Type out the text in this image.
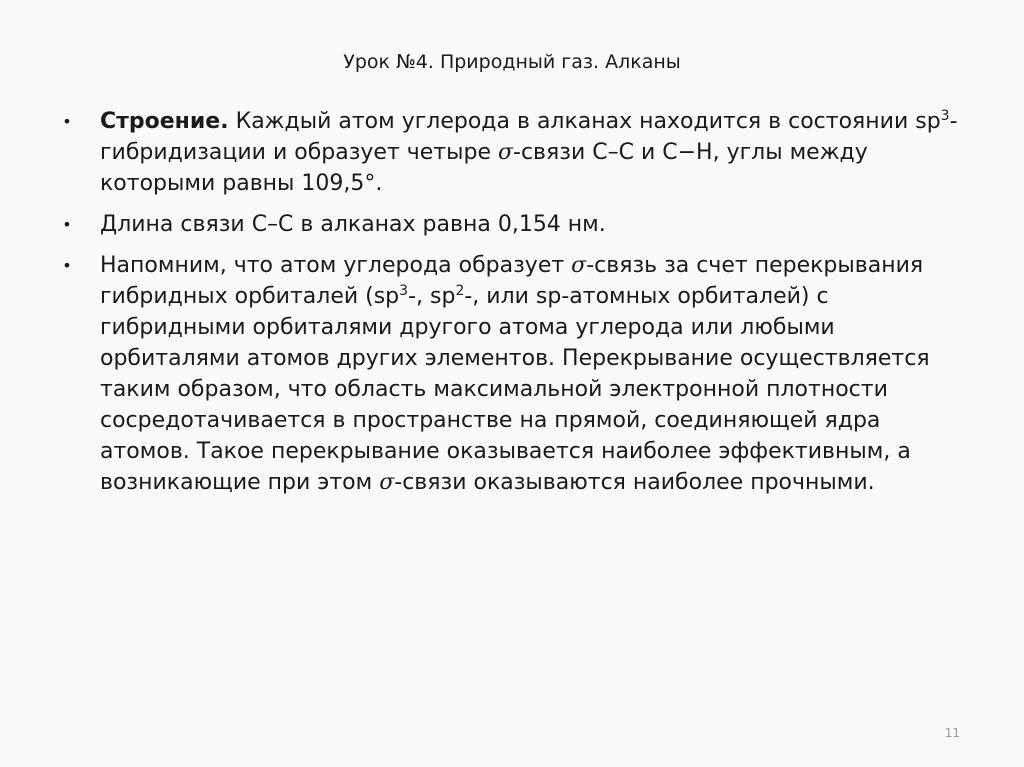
Урок №4. Природный газ. Алканы
• Строение. Каждый атом углерода в алканах находится в состоянии $sp^3$-гибридизации и образует четыре σ-связи C–C и C−H, углы между которыми равны 109,5°.
• Длина связи C–C в алканах равна 0,154 нм.
• Напомним, что атом углерода образует σ-связь за счет перекрывания гибридных орбиталей ($sp^3-$, $sp^2-$, или sp-атомных орбиталей) с гибридными орбиталями другого атома углерода или любыми орбиталями атомов других элементов. Перекрывание осуществляется таким образом, что область максимальной электронной плотности сосредотачивается в пространстве на прямой, соединяющей ядра атомов. Такое перекрывание оказывается наиболее эффективным, а возникающие при этом σ-связи оказываются наиболее прочными.
11
